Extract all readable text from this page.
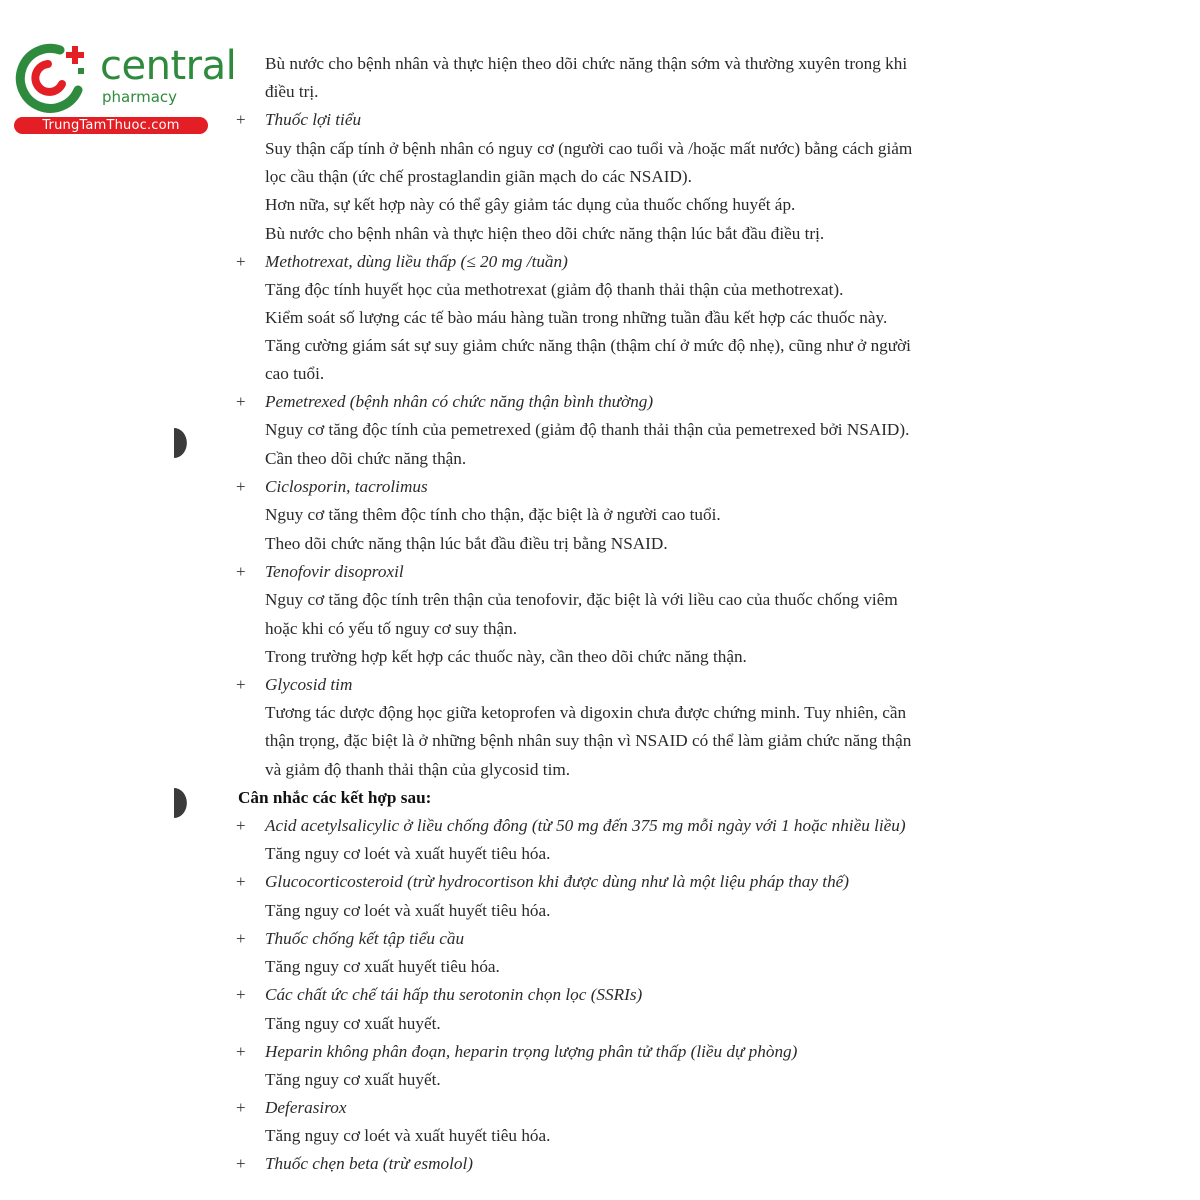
central
pharmacy
TrungTamThuoc.com
Bù nước cho bệnh nhân và thực hiện theo dõi chức năng thận sớm và thường xuyên trong khi
điều trị.
+ Thuốc lợi tiểu
Suy thận cấp tính ở bệnh nhân có nguy cơ (người cao tuổi và /hoặc mất nước) bằng cách giảm
lọc cầu thận (ức chế prostaglandin giãn mạch do các NSAID).
Hơn nữa, sự kết hợp này có thể gây giảm tác dụng của thuốc chống huyết áp.
Bù nước cho bệnh nhân và thực hiện theo dõi chức năng thận lúc bắt đầu điều trị.
+ Methotrexat, dùng liều thấp (≤ 20 mg /tuần)
Tăng độc tính huyết học của methotrexat (giảm độ thanh thải thận của methotrexat).
Kiểm soát số lượng các tế bào máu hàng tuần trong những tuần đầu kết hợp các thuốc này.
Tăng cường giám sát sự suy giảm chức năng thận (thậm chí ở mức độ nhẹ), cũng như ở người
cao tuổi.
+ Pemetrexed (bệnh nhân có chức năng thận bình thường)
Nguy cơ tăng độc tính của pemetrexed (giảm độ thanh thải thận của pemetrexed bởi NSAID).
Cần theo dõi chức năng thận.
+ Ciclosporin, tacrolimus
Nguy cơ tăng thêm độc tính cho thận, đặc biệt là ở người cao tuổi.
Theo dõi chức năng thận lúc bắt đầu điều trị bằng NSAID.
+ Tenofovir disoproxil
Nguy cơ tăng độc tính trên thận của tenofovir, đặc biệt là với liều cao của thuốc chống viêm
hoặc khi có yếu tố nguy cơ suy thận.
Trong trường hợp kết hợp các thuốc này, cần theo dõi chức năng thận.
+ Glycosid tim
Tương tác dược động học giữa ketoprofen và digoxin chưa được chứng minh. Tuy nhiên, cần
thận trọng, đặc biệt là ở những bệnh nhân suy thận vì NSAID có thể làm giảm chức năng thận
và giảm độ thanh thải thận của glycosid tim.
Cân nhắc các kết hợp sau:
+ Acid acetylsalicylic ở liều chống đông (từ 50 mg đến 375 mg mỗi ngày với 1 hoặc nhiều liều)
Tăng nguy cơ loét và xuất huyết tiêu hóa.
+ Glucocorticosteroid (trừ hydrocortison khi được dùng như là một liệu pháp thay thế)
Tăng nguy cơ loét và xuất huyết tiêu hóa.
+ Thuốc chống kết tập tiểu cầu
Tăng nguy cơ xuất huyết tiêu hóa.
+ Các chất ức chế tái hấp thu serotonin chọn lọc (SSRIs)
Tăng nguy cơ xuất huyết.
+ Heparin không phân đoạn, heparin trọng lượng phân tử thấp (liều dự phòng)
Tăng nguy cơ xuất huyết.
+ Deferasirox
Tăng nguy cơ loét và xuất huyết tiêu hóa.
+ Thuốc chẹn beta (trừ esmolol)
